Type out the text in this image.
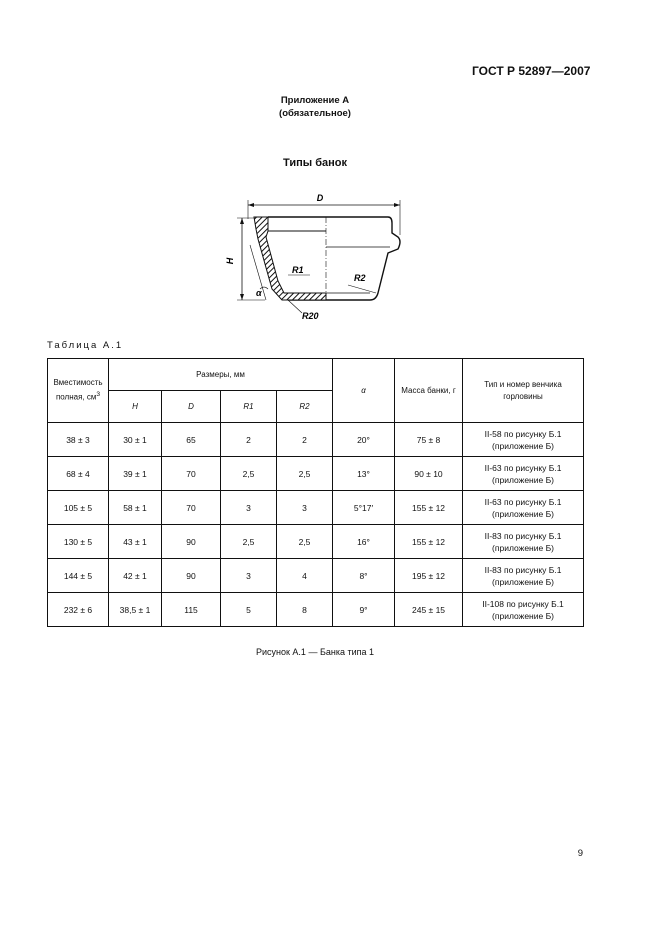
ГОСТ Р 52897—2007
Приложение А
(обязательное)
Типы банок
D
H
α
R1
R2
R20
Таблица А.1
Вместимость полная, $см^3$	Размеры, мм				α	Масса банки, г	Тип и номер венчика горловины
	H	D	R1	R2			
38 ± 3	30 ± 1	65	2	2	20°	75 ± 8	II-58 по рисунку Б.1
(приложение Б)

68 ± 4	39 ± 1	70	2,5	2,5	13°	90 ± 10	II-63 по рисунку Б.1
(приложение Б)

105 ± 5	58 ± 1	70	3	3	5°17′	155 ± 12	II-63 по рисунку Б.1
(приложение Б)

130 ± 5	43 ± 1	90	2,5	2,5	16°	155 ± 12	II-83 по рисунку Б.1
(приложение Б)

144 ± 5	42 ± 1	90	3	4	8°	195 ± 12	II-83 по рисунку Б.1
(приложение Б)

232 ± 6	38,5 ± 1	115	5	8	9°	245 ± 15	II-108 по рисунку Б.1
(приложение Б)
Рисунок А.1 — Банка типа 1
9
